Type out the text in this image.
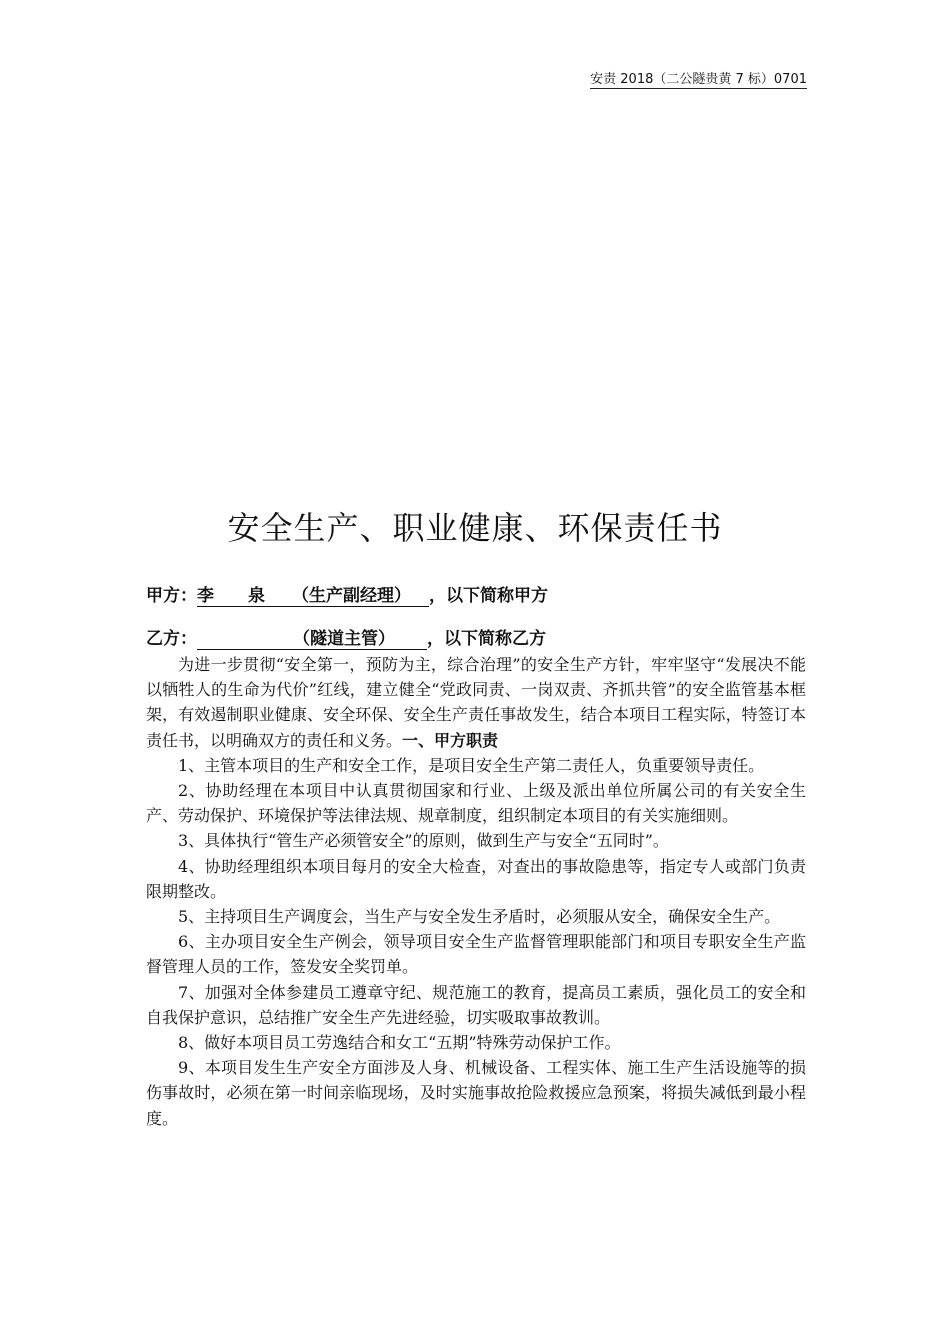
安责 2018（二公隧贵黄 7 标）0701
安全生产、职业健康、环保责任书
甲方：李　　泉 （生产副经理） ，以下简称甲方
乙方：	（隧道主管） ，以下简称乙方

为进一步贯彻“安全第一，预防为主，综合治理”的安全生产方针，牢牢坚守“发展决不能以牺牲人的生命为代价”红线，建立健全“党政同责、一岗双责、齐抓共管”的安全监管基本框架，有效遏制职业健康、安全环保、安全生产责任事故发生，结合本项目工程实际，特签订本责任书，以明确双方的责任和义务。一、甲方职责

1、主管本项目的生产和安全工作，是项目安全生产第二责任人，负重要领导责任。

2、协助经理在本项目中认真贯彻国家和行业、上级及派出单位所属公司的有关安全生产、劳动保护、环境保护等法律法规、规章制度，组织制定本项目的有关实施细则。

3、具体执行“管生产必须管安全”的原则，做到生产与安全“五同时”。

4、协助经理组织本项目每月的安全大检查，对查出的事故隐患等，指定专人或部门负责限期整改。

5、主持项目生产调度会，当生产与安全发生矛盾时，必须服从安全，确保安全生产。

6、主办项目安全生产例会，领导项目安全生产监督管理职能部门和项目专职安全生产监督管理人员的工作，签发安全奖罚单。

7、加强对全体参建员工遵章守纪、规范施工的教育，提高员工素质，强化员工的安全和自我保护意识，总结推广安全生产先进经验，切实吸取事故教训。

8、做好本项目员工劳逸结合和女工“五期”特殊劳动保护工作。

9、本项目发生生产安全方面涉及人身、机械设备、工程实体、施工生产生活设施等的损伤事故时，必须在第一时间亲临现场，及时实施事故抢险救援应急预案，将损失减低到最小程度。
